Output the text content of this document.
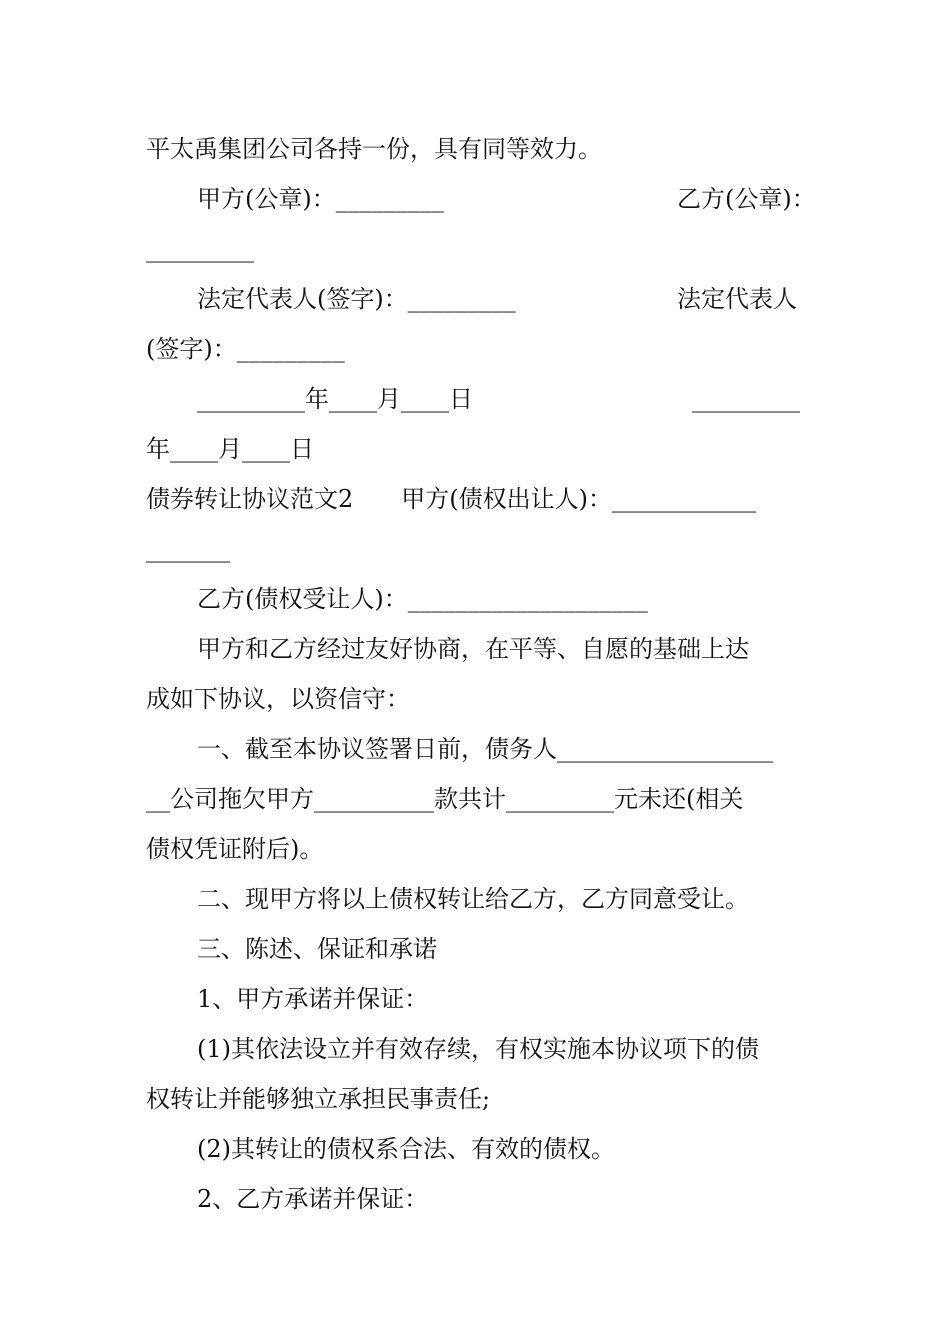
平太禹集团公司各持一份，具有同等效力。
甲方(公章)：_________	乙方(公章)：
_________
法定代表人(签字)：_________	法定代表人
(签字)：_________
_________年____月____日	_________
年____月____日
债券转让协议范文2　　甲方(债权出让人)：____________
_______
乙方(债权受让人)：____________________
甲方和乙方经过友好协商，在平等、自愿的基础上达
成如下协议，以资信守：
一、截至本协议签署日前，债务人__________________
__公司拖欠甲方__________款共计_________元未还(相关
债权凭证附后)。
二、现甲方将以上债权转让给乙方，乙方同意受让。
三、陈述、保证和承诺
1、甲方承诺并保证：
(1)其依法设立并有效存续，有权实施本协议项下的债
权转让并能够独立承担民事责任;
(2)其转让的债权系合法、有效的债权。
2、乙方承诺并保证：
